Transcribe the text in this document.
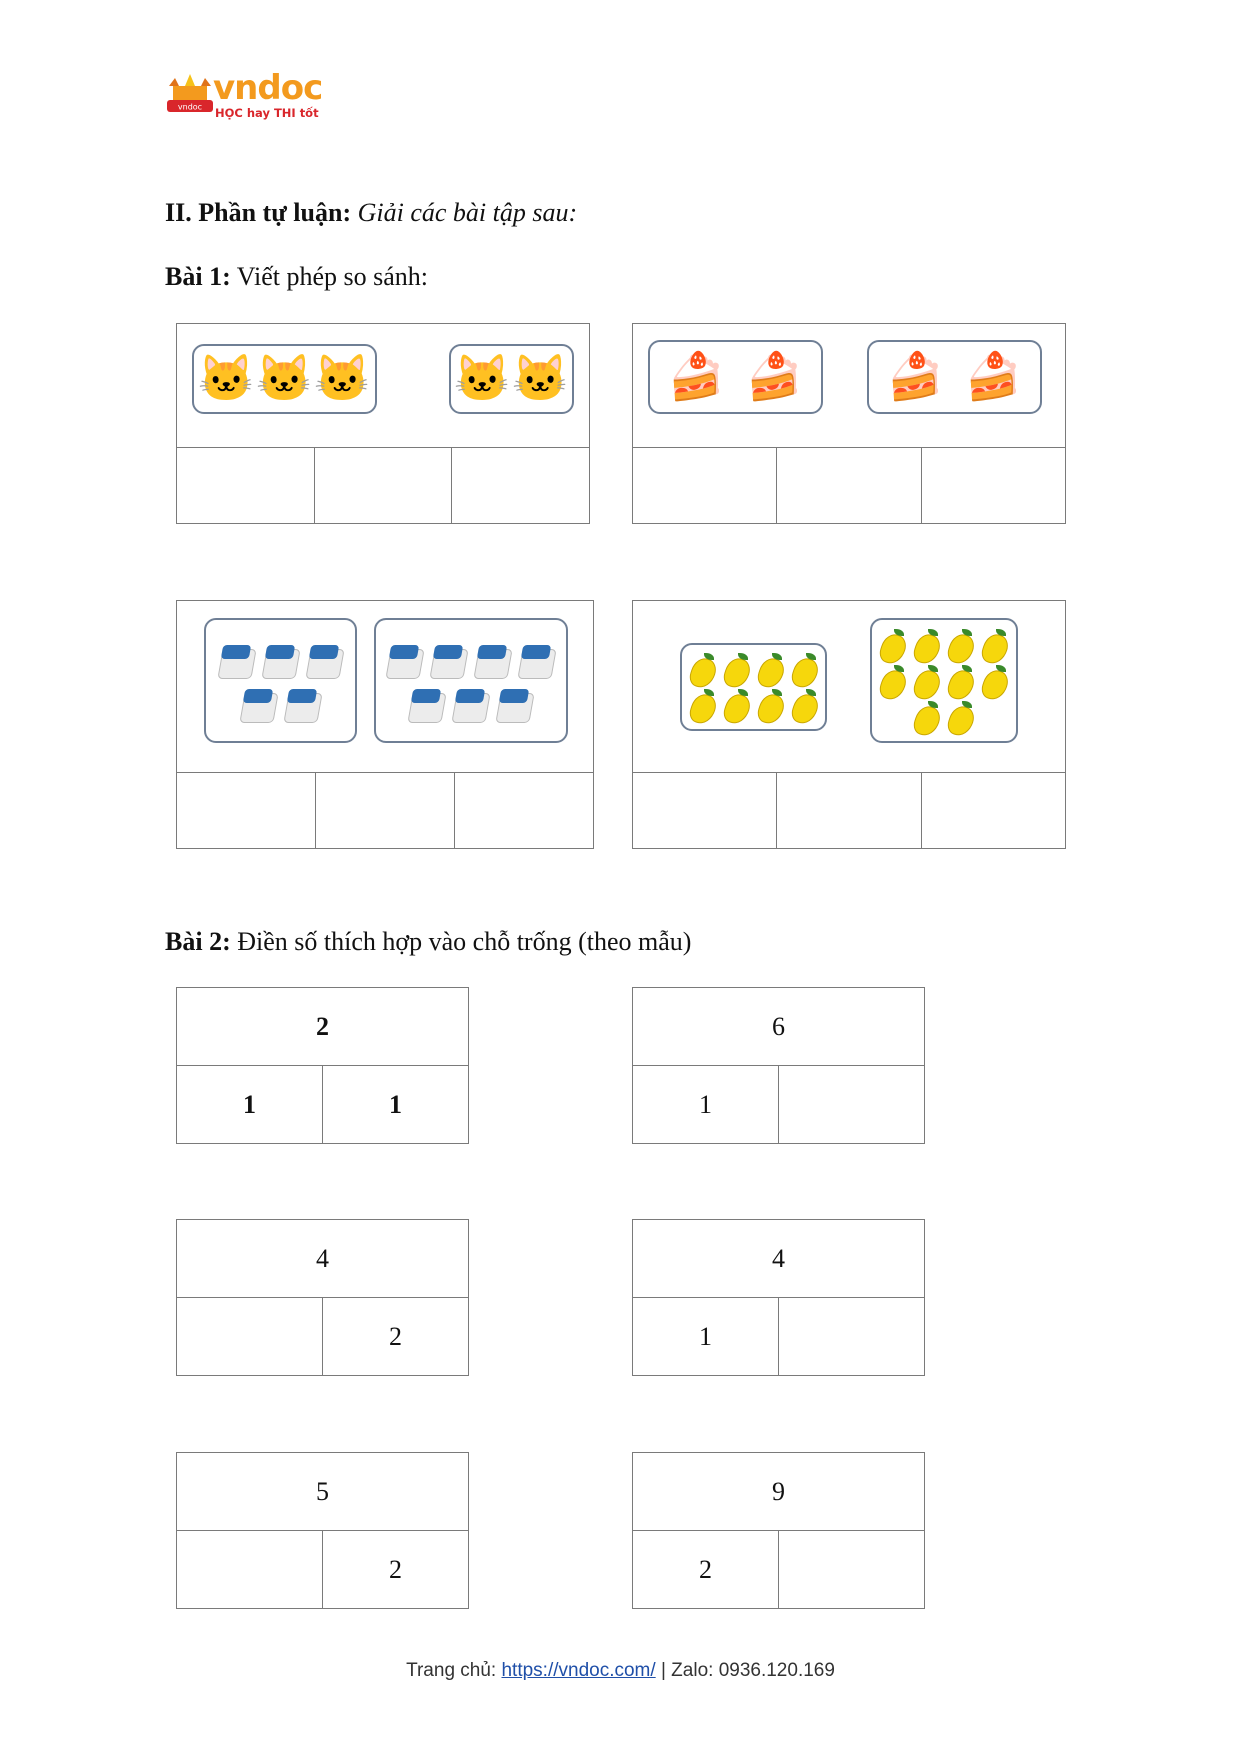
vndoc vndoc
HỌC hay THI tốt
II. Phần tự luận: Giải các bài tập sau:
Bài 1: Viết phép so sánh:
🐱 🐱 🐱 🐱 🐱 🍰 🍰 🍰 🍰
Bài 2: Điền số thích hợp vào chỗ trống (theo mẫu)
2
1	1
6
1
4
2
4
1
5
2
9
2
Trang chủ: https://vndoc.com/ | Zalo: 0936.120.169
